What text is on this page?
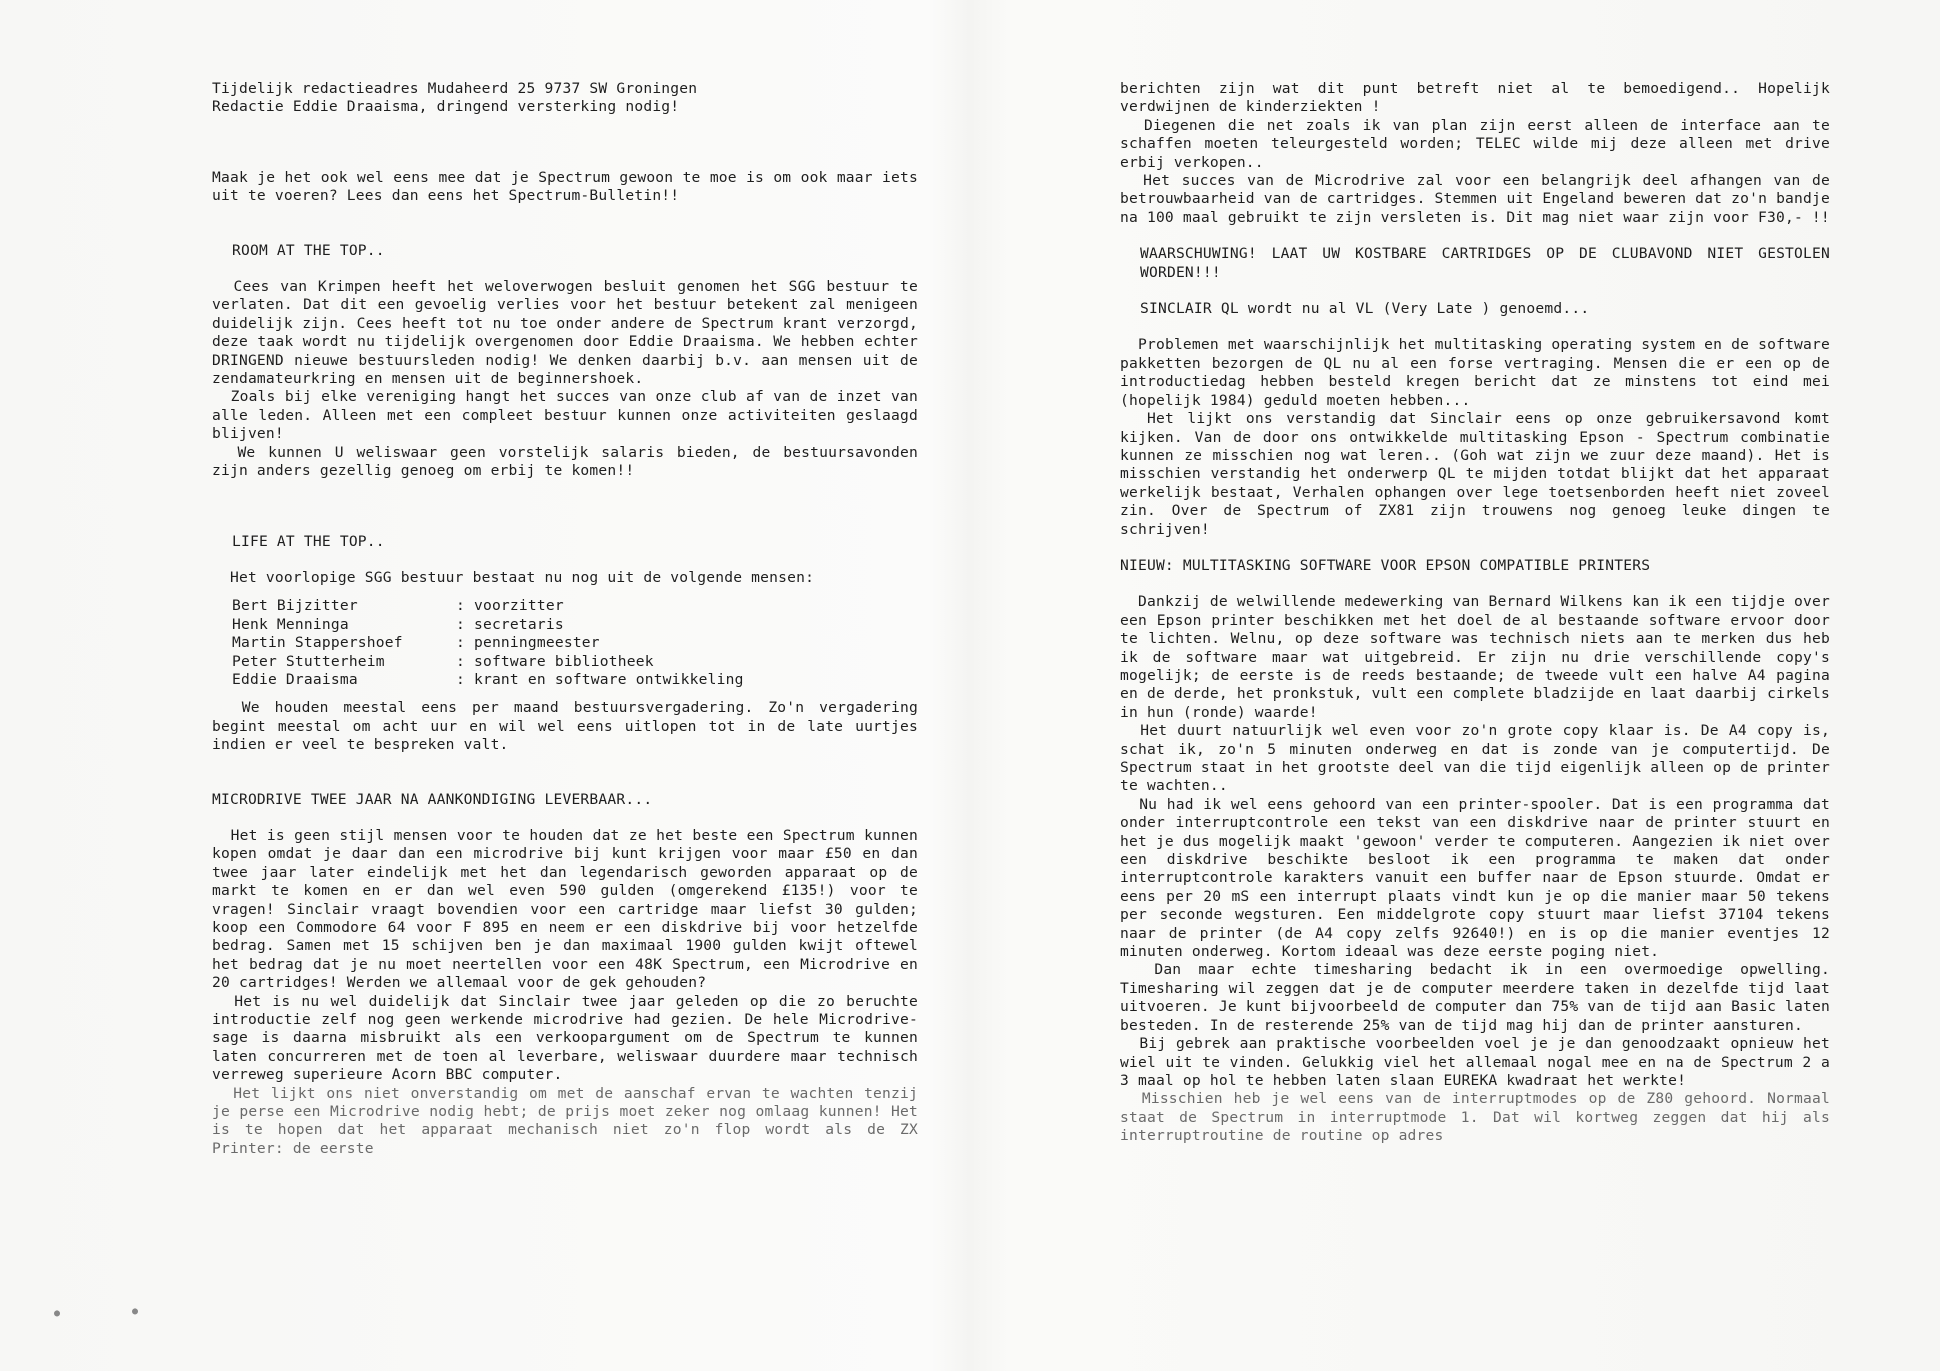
Tijdelijk redactieadres Mudaheerd 25 9737 SW Groningen

Redactie Eddie Draaisma, dringend versterking nodig!

Maak je het ook wel eens mee dat je Spectrum gewoon te moe is om ook maar iets uit te voeren? Lees dan eens het Spectrum-Bulletin!!

ROOM AT THE TOP..

Cees van Krimpen heeft het weloverwogen besluit genomen het SGG bestuur te verlaten. Dat dit een gevoelig verlies voor het bestuur betekent zal menigeen duidelijk zijn. Cees heeft tot nu toe onder andere de Spectrum krant verzorgd, deze taak wordt nu tijdelijk overgenomen door Eddie Draaisma. We hebben echter DRINGEND nieuwe bestuursleden nodig! We denken daarbij b.v. aan mensen uit de zendamateurkring en mensen uit de beginnershoek.

Zoals bij elke vereniging hangt het succes van onze club af van de inzet van alle leden. Alleen met een compleet bestuur kunnen onze activiteiten geslaagd blijven!

We kunnen U weliswaar geen vorstelijk salaris bieden, de bestuursavonden zijn anders gezellig genoeg om erbij te komen!!

LIFE AT THE TOP..

Het voorlopige SGG bestuur bestaat nu nog uit de volgende mensen:

Bert Bijzitter	: voorzitter
Henk Menninga	: secretaris
Martin Stappershoef	: penningmeester
Peter Stutterheim	: software bibliotheek
Eddie Draaisma	: krant en software ontwikkeling

We houden meestal eens per maand bestuursvergadering. Zo'n vergadering begint meestal om acht uur en wil wel eens uitlopen tot in de late uurtjes indien er veel te bespreken valt.

MICRODRIVE TWEE JAAR NA AANKONDIGING LEVERBAAR...

Het is geen stijl mensen voor te houden dat ze het beste een Spectrum kunnen kopen omdat je daar dan een microdrive bij kunt krijgen voor maar £50 en dan twee jaar later eindelijk met het dan legendarisch geworden apparaat op de markt te komen en er dan wel even 590 gulden (omgerekend £135!) voor te vragen! Sinclair vraagt bovendien voor een cartridge maar liefst 30 gulden; koop een Commodore 64 voor F 895 en neem er een diskdrive bij voor hetzelfde bedrag. Samen met 15 schijven ben je dan maximaal 1900 gulden kwijt oftewel het bedrag dat je nu moet neertellen voor een 48K Spectrum, een Microdrive en 20 cartridges! Werden we allemaal voor de gek gehouden?

Het is nu wel duidelijk dat Sinclair twee jaar geleden op die zo beruchte introductie zelf nog geen werkende microdrive had gezien. De hele Microdrive-sage is daarna misbruikt als een verkoopargument om de Spectrum te kunnen laten concurreren met de toen al leverbare, weliswaar duurdere maar technisch verreweg superieure Acorn BBC computer.

Het lijkt ons niet onverstandig om met de aanschaf ervan te wachten tenzij je perse een Microdrive nodig hebt; de prijs moet zeker nog omlaag kunnen! Het is te hopen dat het apparaat mechanisch niet zo'n flop wordt als de ZX Printer: de eerste

berichten zijn wat dit punt betreft niet al te bemoedigend.. Hopelijk verdwijnen de kinderziekten !

Diegenen die net zoals ik van plan zijn eerst alleen de interface aan te schaffen moeten teleurgesteld worden; TELEC wilde mij deze alleen met drive erbij verkopen..

Het succes van de Microdrive zal voor een belangrijk deel afhangen van de betrouwbaarheid van de cartridges. Stemmen uit Engeland beweren dat zo'n bandje na 100 maal gebruikt te zijn versleten is. Dit mag niet waar zijn voor F30,- !!

WAARSCHUWING! LAAT UW KOSTBARE CARTRIDGES OP DE CLUBAVOND NIET GESTOLEN WORDEN!!!

SINCLAIR QL wordt nu al VL (Very Late ) genoemd...

Problemen met waarschijnlijk het multitasking operating system en de software pakketten bezorgen de QL nu al een forse vertraging. Mensen die er een op de introductiedag hebben besteld kregen bericht dat ze minstens tot eind mei (hopelijk 1984) geduld moeten hebben...

Het lijkt ons verstandig dat Sinclair eens op onze gebruikersavond komt kijken. Van de door ons ontwikkelde multitasking Epson - Spectrum combinatie kunnen ze misschien nog wat leren.. (Goh wat zijn we zuur deze maand). Het is misschien verstandig het onderwerp QL te mijden totdat blijkt dat het apparaat werkelijk bestaat, Verhalen ophangen over lege toetsenborden heeft niet zoveel zin. Over de Spectrum of ZX81 zijn trouwens nog genoeg leuke dingen te schrijven!

NIEUW: MULTITASKING SOFTWARE VOOR EPSON COMPATIBLE PRINTERS

Dankzij de welwillende medewerking van Bernard Wilkens kan ik een tijdje over een Epson printer beschikken met het doel de al bestaande software ervoor door te lichten. Welnu, op deze software was technisch niets aan te merken dus heb ik de software maar wat uitgebreid. Er zijn nu drie verschillende copy's mogelijk; de eerste is de reeds bestaande; de tweede vult een halve A4 pagina en de derde, het pronkstuk, vult een complete bladzijde en laat daarbij cirkels in hun (ronde) waarde!

Het duurt natuurlijk wel even voor zo'n grote copy klaar is. De A4 copy is, schat ik, zo'n 5 minuten onderweg en dat is zonde van je computertijd. De Spectrum staat in het grootste deel van die tijd eigenlijk alleen op de printer te wachten..

Nu had ik wel eens gehoord van een printer-spooler. Dat is een programma dat onder interruptcontrole een tekst van een diskdrive naar de printer stuurt en het je dus mogelijk maakt 'gewoon' verder te computeren. Aangezien ik niet over een diskdrive beschikte besloot ik een programma te maken dat onder interruptcontrole karakters vanuit een buffer naar de Epson stuurde. Omdat er eens per 20 mS een interrupt plaats vindt kun je op die manier maar 50 tekens per seconde wegsturen. Een middelgrote copy stuurt maar liefst 37104 tekens naar de printer (de A4 copy zelfs 92640!) en is op die manier eventjes 12 minuten onderweg. Kortom ideaal was deze eerste poging niet.

Dan maar echte timesharing bedacht ik in een overmoedige opwelling. Timesharing wil zeggen dat je de computer meerdere taken in dezelfde tijd laat uitvoeren. Je kunt bijvoorbeeld de computer dan 75% van de tijd aan Basic laten besteden. In de resterende 25% van de tijd mag hij dan de printer aansturen.

Bij gebrek aan praktische voorbeelden voel je je dan genoodzaakt opnieuw het wiel uit te vinden. Gelukkig viel het allemaal nogal mee en na de Spectrum 2 a 3 maal op hol te hebben laten slaan EUREKA kwadraat het werkte!

Misschien heb je wel eens van de interruptmodes op de Z80 gehoord. Normaal staat de Spectrum in interruptmode 1. Dat wil kortweg zeggen dat hij als interruptroutine de routine op adres

●	●
